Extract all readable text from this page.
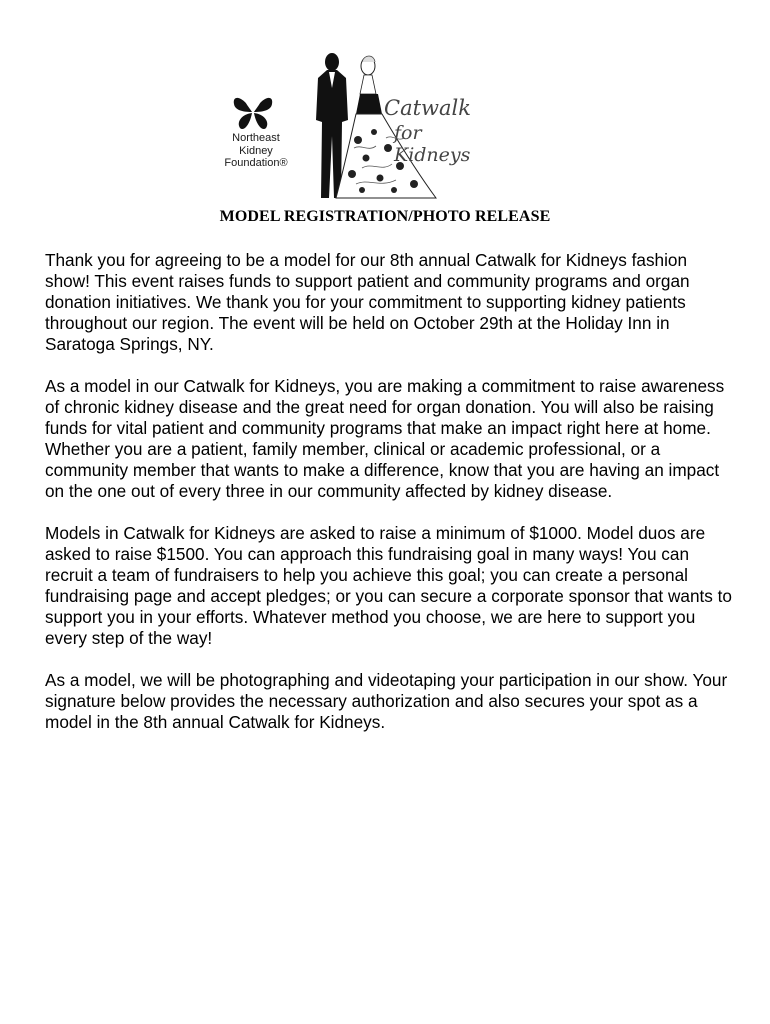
Northeast
Kidney
Foundation®
Catwalk
for Kidneys
MODEL REGISTRATION/PHOTO RELEASE

Thank you for agreeing to be a model for our 8th annual Catwalk for Kidneys fashion show! This event raises funds to support patient and community programs and organ donation initiatives. We thank you for your commitment to supporting kidney patients throughout our region. The event will be held on October 29th at the Holiday Inn in Saratoga Springs, NY.

As a model in our Catwalk for Kidneys, you are making a commitment to raise awareness of chronic kidney disease and the great need for organ donation. You will also be raising funds for vital patient and community programs that make an impact right here at home. Whether you are a patient, family member, clinical or academic professional, or a community member that wants to make a difference, know that you are having an impact on the one out of every three in our community affected by kidney disease.

Models in Catwalk for Kidneys are asked to raise a minimum of $1000. Model duos are asked to raise $1500. You can approach this fundraising goal in many ways! You can recruit a team of fundraisers to help you achieve this goal; you can create a personal fundraising page and accept pledges; or you can secure a corporate sponsor that wants to support you in your efforts. Whatever method you choose, we are here to support you every step of the way!

As a model, we will be photographing and videotaping your participation in our show. Your signature below provides the necessary authorization and also secures your spot as a model in the 8th annual Catwalk for Kidneys.
